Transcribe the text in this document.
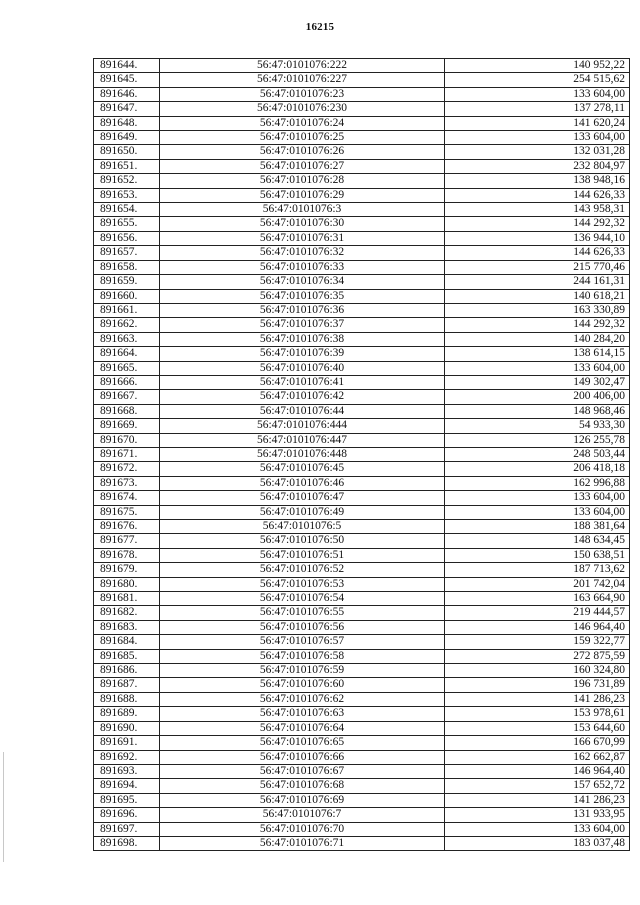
16215
891644.	56:47:0101076:222	140 952,22
891645.	56:47:0101076:227	254 515,62
891646.	56:47:0101076:23	133 604,00
891647.	56:47:0101076:230	137 278,11
891648.	56:47:0101076:24	141 620,24
891649.	56:47:0101076:25	133 604,00
891650.	56:47:0101076:26	132 031,28
891651.	56:47:0101076:27	232 804,97
891652.	56:47:0101076:28	138 948,16
891653.	56:47:0101076:29	144 626,33
891654.	56:47:0101076:3	143 958,31
891655.	56:47:0101076:30	144 292,32
891656.	56:47:0101076:31	136 944,10
891657.	56:47:0101076:32	144 626,33
891658.	56:47:0101076:33	215 770,46
891659.	56:47:0101076:34	244 161,31
891660.	56:47:0101076:35	140 618,21
891661.	56:47:0101076:36	163 330,89
891662.	56:47:0101076:37	144 292,32
891663.	56:47:0101076:38	140 284,20
891664.	56:47:0101076:39	138 614,15
891665.	56:47:0101076:40	133 604,00
891666.	56:47:0101076:41	149 302,47
891667.	56:47:0101076:42	200 406,00
891668.	56:47:0101076:44	148 968,46
891669.	56:47:0101076:444	54 933,30
891670.	56:47:0101076:447	126 255,78
891671.	56:47:0101076:448	248 503,44
891672.	56:47:0101076:45	206 418,18
891673.	56:47:0101076:46	162 996,88
891674.	56:47:0101076:47	133 604,00
891675.	56:47:0101076:49	133 604,00
891676.	56:47:0101076:5	188 381,64
891677.	56:47:0101076:50	148 634,45
891678.	56:47:0101076:51	150 638,51
891679.	56:47:0101076:52	187 713,62
891680.	56:47:0101076:53	201 742,04
891681.	56:47:0101076:54	163 664,90
891682.	56:47:0101076:55	219 444,57
891683.	56:47:0101076:56	146 964,40
891684.	56:47:0101076:57	159 322,77
891685.	56:47:0101076:58	272 875,59
891686.	56:47:0101076:59	160 324,80
891687.	56:47:0101076:60	196 731,89
891688.	56:47:0101076:62	141 286,23
891689.	56:47:0101076:63	153 978,61
891690.	56:47:0101076:64	153 644,60
891691.	56:47:0101076:65	166 670,99
891692.	56:47:0101076:66	162 662,87
891693.	56:47:0101076:67	146 964,40
891694.	56:47:0101076:68	157 652,72
891695.	56:47:0101076:69	141 286,23
891696.	56:47:0101076:7	131 933,95
891697.	56:47:0101076:70	133 604,00
891698.	56:47:0101076:71	183 037,48
